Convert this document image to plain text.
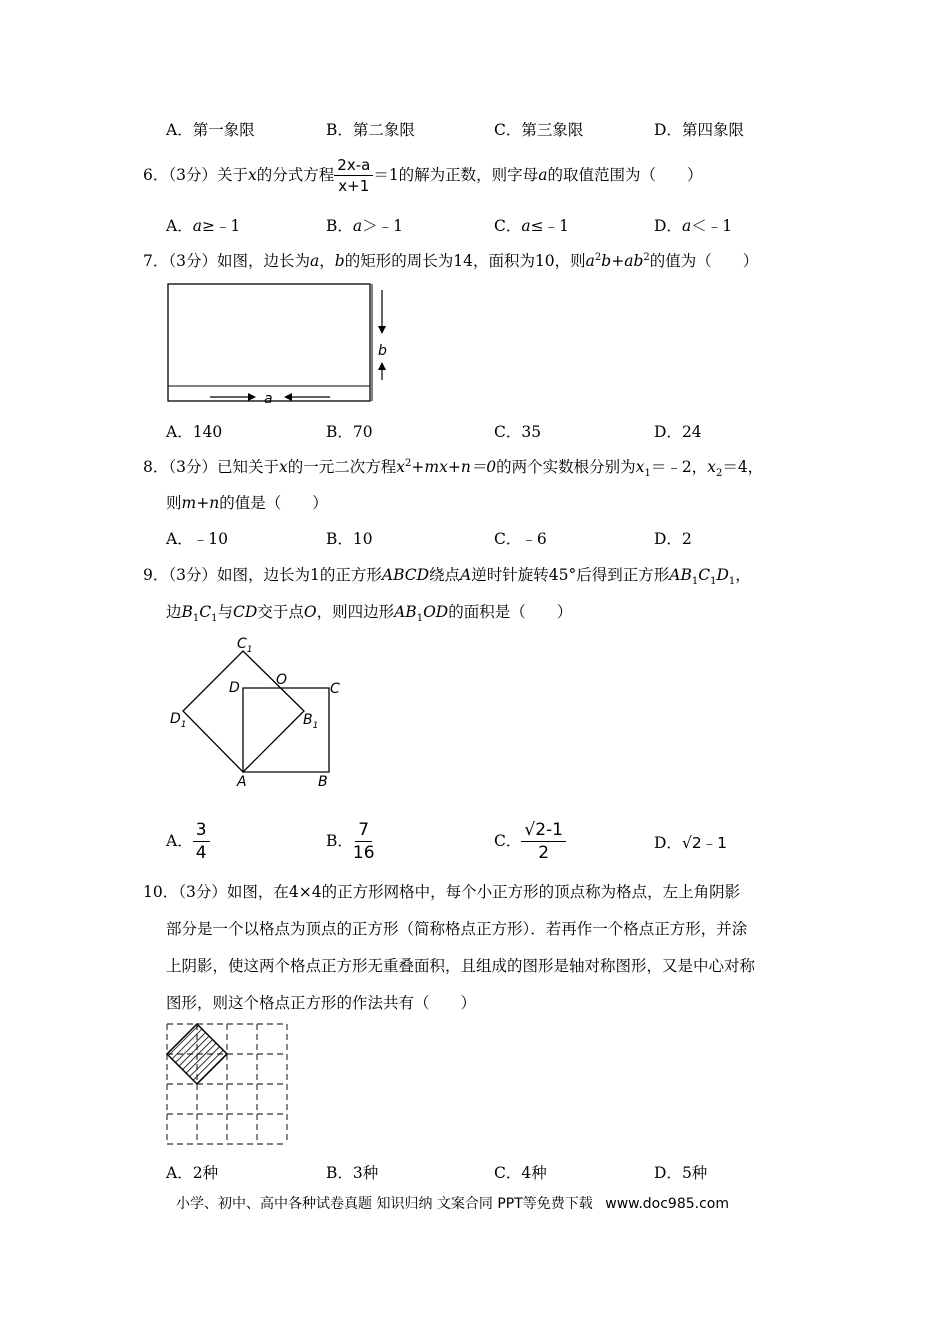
A．第一象限	B．第二象限	C．第三象限	D．第四象限
6．（3分）关于x的分式方程 $\frac{2x-a}{x+1} =1$的解为正数，则字母a的取值范围为（　　）
A．a≥﹣1	B．a＞﹣1	C．a≤﹣1	D．a＜﹣1
7．（3分）如图，边长为a，b的矩形的周长为14，面积为10，则$a^2b+ab^2$的值为（　　）
a
b
A．140	B．70	C．35	D．24
8．（3分）已知关于x的一元二次方程$x^2+mx+n=0$的两个实数根分别为$x_1=﹣2$，$x_2=4$，
则m+n的值是（　　）
A．﹣10	B．10	C．﹣6	D．2
9．（3分）如图，边长为1的正方形ABCD绕点A逆时针旋转45°后得到正方形$AB_1C_1D_1$，
边$B_1C_1$与CD交于点O，则四边形$AB_1OD$的面积是（　　）
$C_1$
D	O
C
$D_1$	$B_1$
A	B
A． $\frac{3}{4}$	B． $\frac{7}{16}$	C． $\frac{√2-1}{2}$	D．√2﹣1
10．（3分）如图，在4×4的正方形网格中，每个小正方形的顶点称为格点，左上角阴影
部分是一个以格点为顶点的正方形（简称格点正方形）．若再作一个格点正方形，并涂
上阴影，使这两个格点正方形无重叠面积，且组成的图形是轴对称图形，又是中心对称
图形，则这个格点正方形的作法共有（　　）
A．2种	B．3种	C．4种	D．5种
小学、初中、高中各种试卷真题 知识归纳 文案合同 PPT等免费下载 www.doc985.com
